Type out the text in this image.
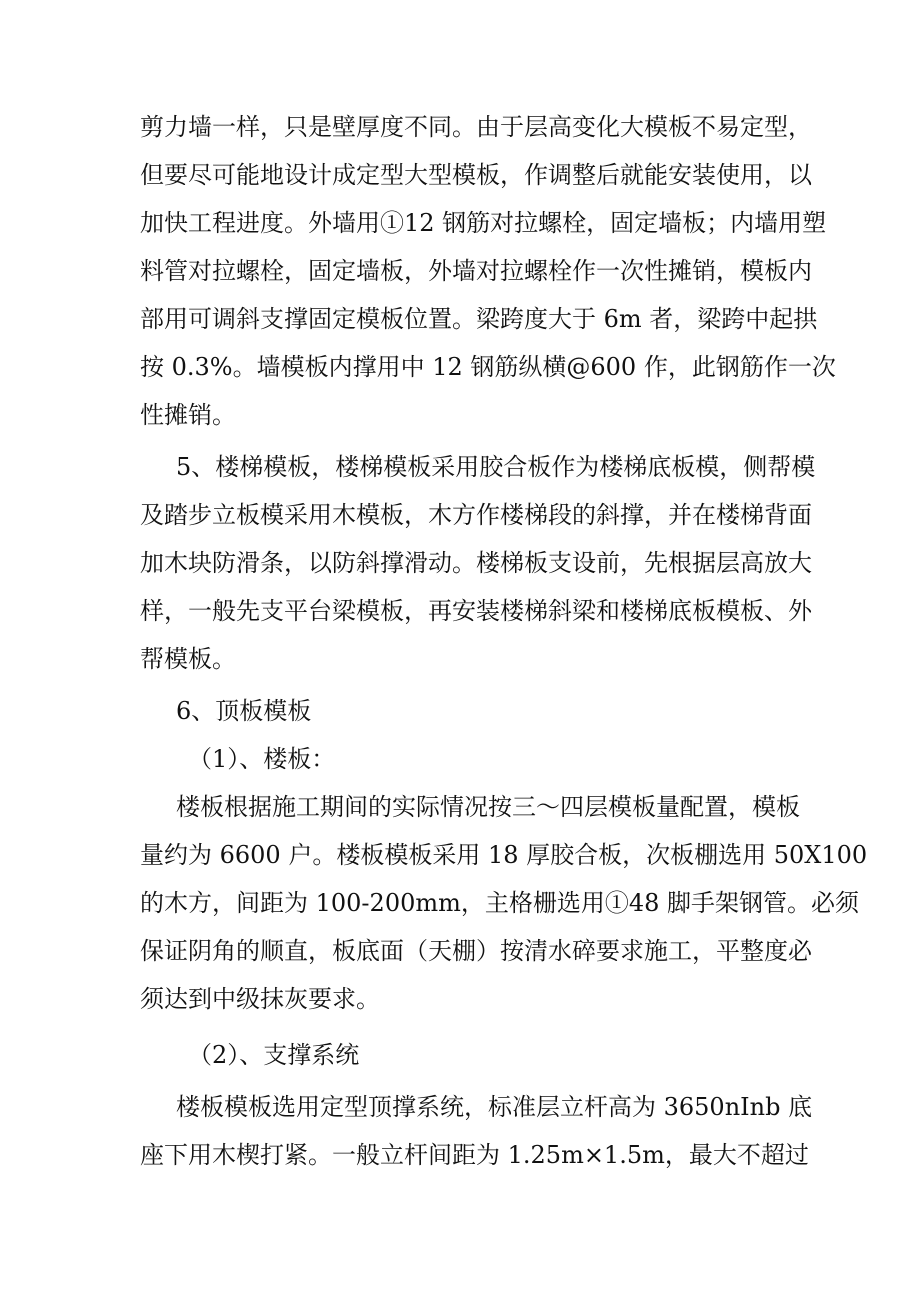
剪力墙一样，只是壁厚度不同。由于层高变化大模板不易定型，
但要尽可能地设计成定型大型模板，作调整后就能安装使用，以
加快工程进度。外墙用①12 钢筋对拉螺栓，固定墙板；内墙用塑
料管对拉螺栓，固定墙板，外墙对拉螺栓作一次性摊销，模板内
部用可调斜支撑固定模板位置。梁跨度大于 6m 者，梁跨中起拱
按 0.3%。墙模板内撑用中 12 钢筋纵横@600 作，此钢筋作一次
性摊销。
5、楼梯模板，楼梯模板采用胶合板作为楼梯底板模，侧帮模
及踏步立板模采用木模板，木方作楼梯段的斜撑，并在楼梯背面
加木块防滑条，以防斜撑滑动。楼梯板支设前，先根据层高放大
样，一般先支平台梁模板，再安装楼梯斜梁和楼梯底板模板、外
帮模板。
6、顶板模板
（1）、楼板：
楼板根据施工期间的实际情况按三～四层模板量配置，模板
量约为 6600 户。楼板模板采用 18 厚胶合板，次板棚选用 50X100
的木方，间距为 100-200mm，主格栅选用①48 脚手架钢管。必须
保证阴角的顺直，板底面（天棚）按清水碎要求施工，平整度必
须达到中级抹灰要求。
（2）、支撑系统
楼板模板选用定型顶撑系统，标准层立杆高为 3650nInb 底
座下用木楔打紧。一般立杆间距为 1.25m×1.5m，最大不超过
